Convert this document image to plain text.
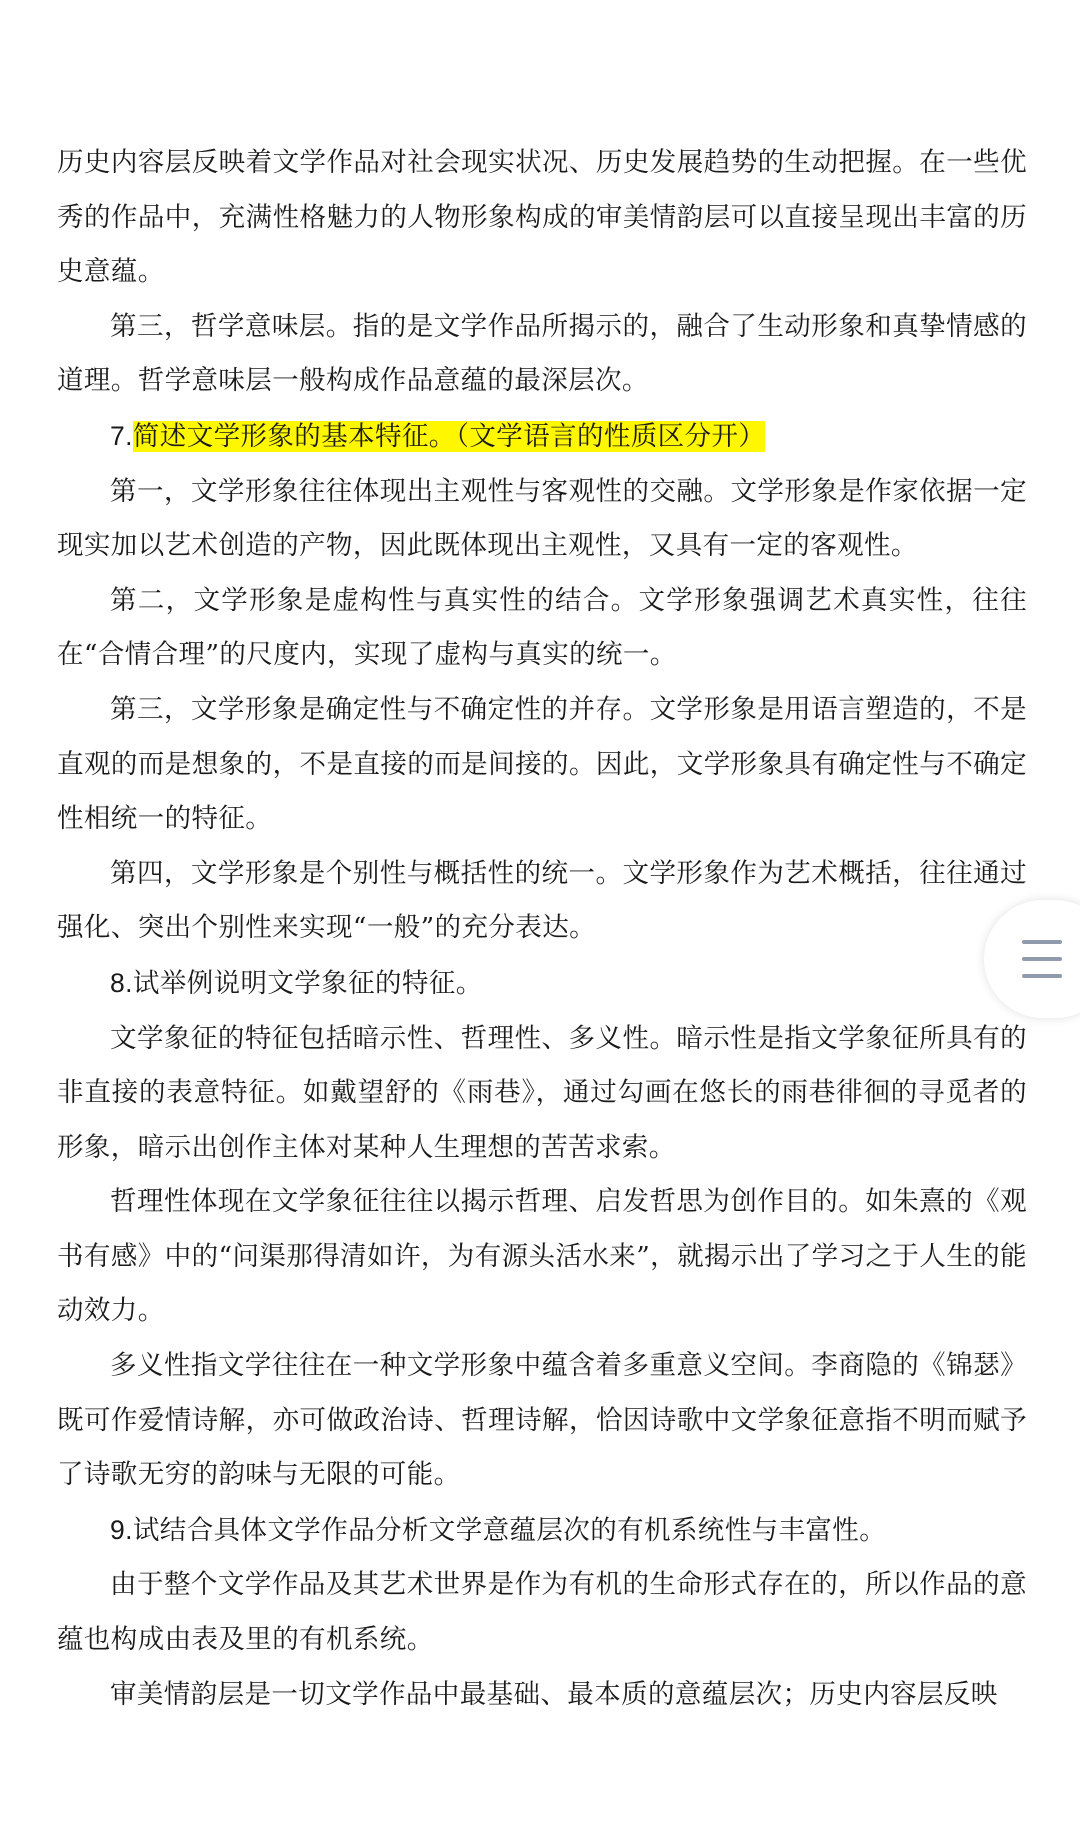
历史内容层反映着文学作品对社会现实状况、历史发展趋势的生动把握。在一些优秀的作品中，充满性格魅力的人物形象构成的审美情韵层可以直接呈现出丰富的历史意蕴。

第三，哲学意味层。指的是文学作品所揭示的，融合了生动形象和真挚情感的道理。哲学意味层一般构成作品意蕴的最深层次。

7.简述文学形象的基本特征。（文学语言的性质区分开）

第一，文学形象往往体现出主观性与客观性的交融。文学形象是作家依据一定现实加以艺术创造的产物，因此既体现出主观性，又具有一定的客观性。

第二，文学形象是虚构性与真实性的结合。文学形象强调艺术真实性，往往在“合情合理”的尺度内，实现了虚构与真实的统一。

第三，文学形象是确定性与不确定性的并存。文学形象是用语言塑造的，不是直观的而是想象的，不是直接的而是间接的。因此，文学形象具有确定性与不确定性相统一的特征。

第四，文学形象是个别性与概括性的统一。文学形象作为艺术概括，往往通过强化、突出个别性来实现“一般”的充分表达。

8.试举例说明文学象征的特征。

文学象征的特征包括暗示性、哲理性、多义性。暗示性是指文学象征所具有的非直接的表意特征。如戴望舒的《雨巷》，通过勾画在悠长的雨巷徘徊的寻觅者的形象，暗示出创作主体对某种人生理想的苦苦求索。

哲理性体现在文学象征往往以揭示哲理、启发哲思为创作目的。如朱熹的《观书有感》中的“问渠那得清如许，为有源头活水来”，就揭示出了学习之于人生的能动效力。

多义性指文学往往在一种文学形象中蕴含着多重意义空间。李商隐的《锦瑟》既可作爱情诗解，亦可做政治诗、哲理诗解，恰因诗歌中文学象征意指不明而赋予了诗歌无穷的韵味与无限的可能。

9.试结合具体文学作品分析文学意蕴层次的有机系统性与丰富性。

由于整个文学作品及其艺术世界是作为有机的生命形式存在的，所以作品的意蕴也构成由表及里的有机系统。

审美情韵层是一切文学作品中最基础、最本质的意蕴层次；历史内容层反映
